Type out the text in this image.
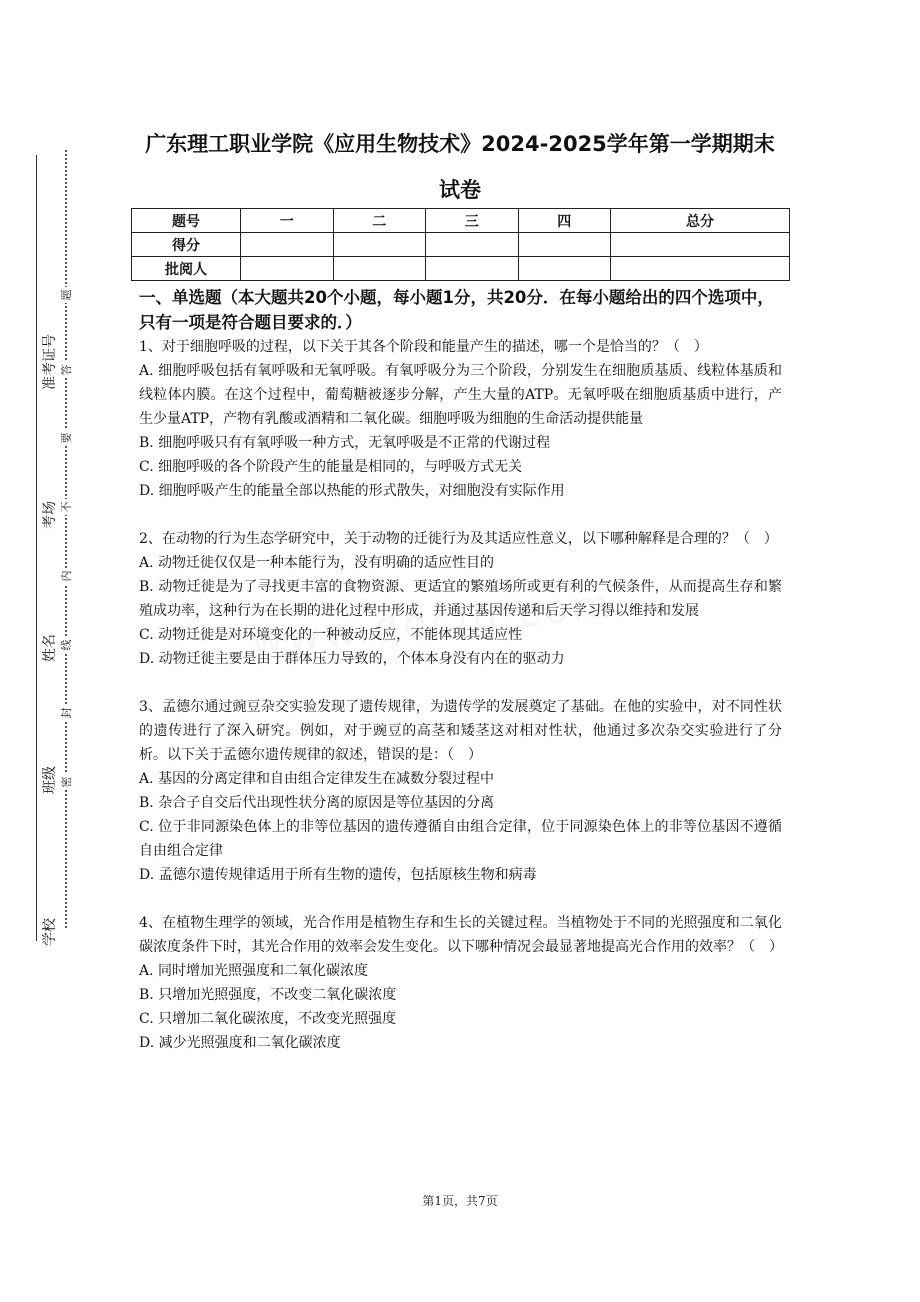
准考证号
考场
姓名
班级
学校
题
答
要
不
内
线
封
密
广东理工职业学院《应用生物技术》2024-2025学年第一学期期末
试卷
题号	一	二	三	四	总分
得分					
批阅人					
一、单选题（本大题共20个小题，每小题1分，共20分．在每小题给出的四个选项中，只有一项是符合题目要求的．）

1、对于细胞呼吸的过程，以下关于其各个阶段和能量产生的描述，哪一个是恰当的？（　）

A. 细胞呼吸包括有氧呼吸和无氧呼吸。有氧呼吸分为三个阶段，分别发生在细胞质基质、线粒体基质和线粒体内膜。在这个过程中，葡萄糖被逐步分解，产生大量的ATP。无氧呼吸在细胞质基质中进行，产生少量ATP，产物有乳酸或酒精和二氧化碳。细胞呼吸为细胞的生命活动提供能量

B. 细胞呼吸只有有氧呼吸一种方式，无氧呼吸是不正常的代谢过程

C. 细胞呼吸的各个阶段产生的能量是相同的，与呼吸方式无关

D. 细胞呼吸产生的能量全部以热能的形式散失，对细胞没有实际作用

2、在动物的行为生态学研究中，关于动物的迁徙行为及其适应性意义，以下哪种解释是合理的？（　）

A. 动物迁徙仅仅是一种本能行为，没有明确的适应性目的

B. 动物迁徙是为了寻找更丰富的食物资源、更适宜的繁殖场所或更有利的气候条件，从而提高生存和繁殖成功率，这种行为在长期的进化过程中形成，并通过基因传递和后天学习得以维持和发展

C. 动物迁徙是对环境变化的一种被动反应，不能体现其适应性

D. 动物迁徙主要是由于群体压力导致的，个体本身没有内在的驱动力

3、孟德尔通过豌豆杂交实验发现了遗传规律，为遗传学的发展奠定了基础。在他的实验中，对不同性状的遗传进行了深入研究。例如，对于豌豆的高茎和矮茎这对相对性状，他通过多次杂交实验进行了分析。以下关于孟德尔遗传规律的叙述，错误的是：（　）

A. 基因的分离定律和自由组合定律发生在减数分裂过程中

B. 杂合子自交后代出现性状分离的原因是等位基因的分离

C. 位于非同源染色体上的非等位基因的遗传遵循自由组合定律，位于同源染色体上的非等位基因不遵循自由组合定律

D. 孟德尔遗传规律适用于所有生物的遗传，包括原核生物和病毒

4、在植物生理学的领域，光合作用是植物生存和生长的关键过程。当植物处于不同的光照强度和二氧化碳浓度条件下时，其光合作用的效率会发生变化。以下哪种情况会最显著地提高光合作用的效率？（　）

A. 同时增加光照强度和二氧化碳浓度

B. 只增加光照强度，不改变二氧化碳浓度

C. 只增加二氧化碳浓度，不改变光照强度

D. 减少光照强度和二氧化碳浓度

第1页，共7页
